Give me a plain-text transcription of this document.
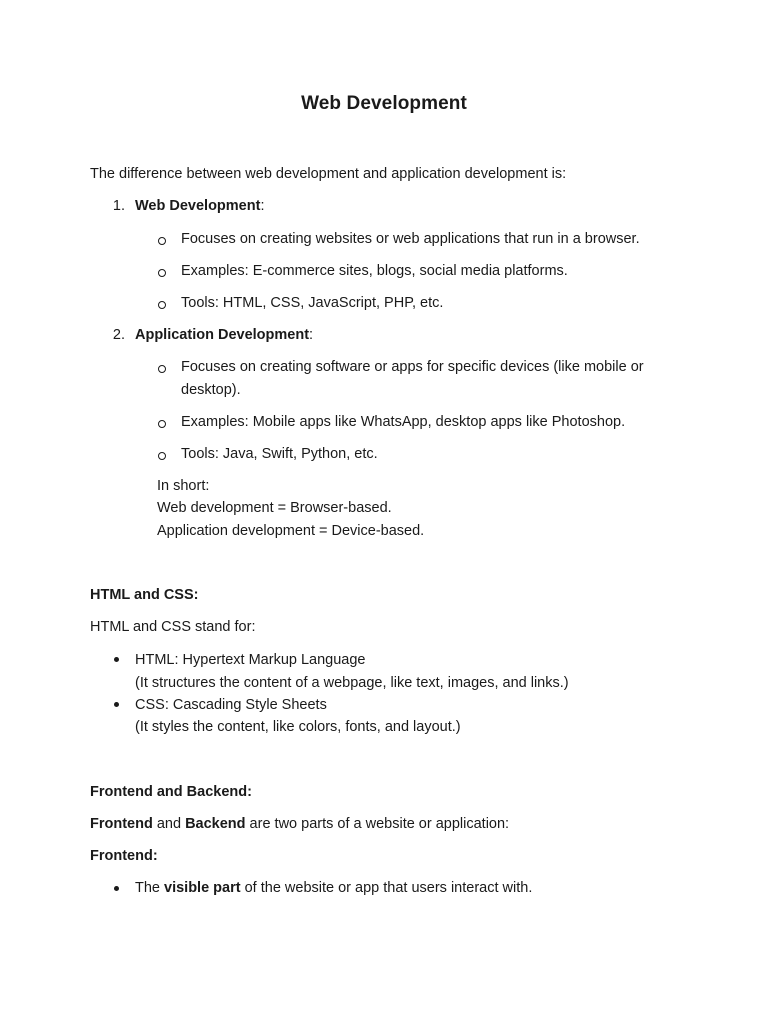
Web Development
The difference between web development and application development is:
1. Web Development:
Focuses on creating websites or web applications that run in a browser.
Examples: E-commerce sites, blogs, social media platforms.
Tools: HTML, CSS, JavaScript, PHP, etc.
2. Application Development:
Focuses on creating software or apps for specific devices (like mobile or
desktop).
Examples: Mobile apps like WhatsApp, desktop apps like Photoshop.
Tools: Java, Swift, Python, etc.
In short:
Web development = Browser-based.
Application development = Device-based.
HTML and CSS:
HTML and CSS stand for:
HTML: Hypertext Markup Language
(It structures the content of a webpage, like text, images, and links.)
CSS: Cascading Style Sheets
(It styles the content, like colors, fonts, and layout.)
Frontend and Backend:
Frontend and Backend are two parts of a website or application:
Frontend:
The visible part of the website or app that users interact with.
